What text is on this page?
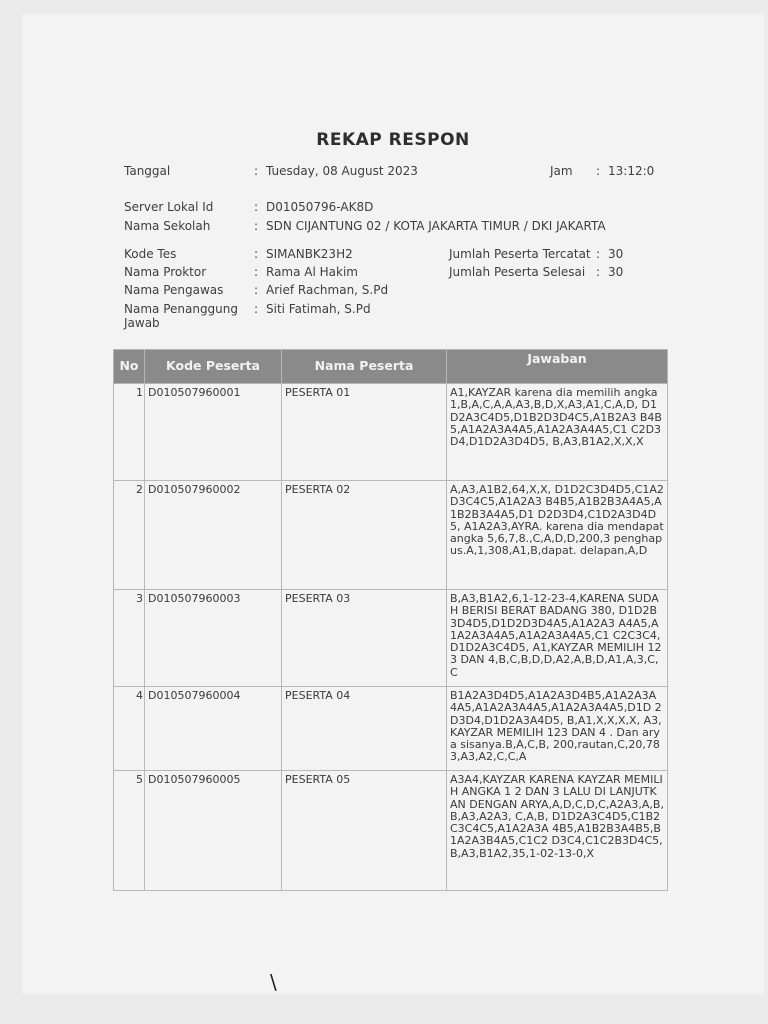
REKAP RESPON
Tanggal	: Tuesday, 08 August 2023	Jam : 13:12:0
Server Lokal Id	: D01050796-AK8D
Nama Sekolah	: SDN CIJANTUNG 02 / KOTA JAKARTA TIMUR / DKI JAKARTA
Kode Tes	: SIMANBK23H2	Jumlah Peserta Tercatat : 30
Nama Proktor	: Rama Al Hakim	Jumlah Peserta Selesai : 30
Nama Pengawas	: Arief Rachman, S.Pd
Nama Penanggung
Jawab
: Siti Fatimah, S.Pd
No	Kode Peserta	Nama Peserta	Jawaban
1	D010507960001	PESERTA 01	A1,KAYZAR karena dia memilih angka 1,B,A,C,A,A,A3,B,D,X,A3,A1,C,A,D, D1D2A3C4D5,D1B2D3D4C5,A1B2A3 B4B5,A1A2A3A4A5,A1A2A3A4A5,C1 C2D3D4,D1D2A3D4D5, B,A3,B1A2,X,X,X
2	D010507960002	PESERTA 02	A,A3,A1B2,64,X,X, D1D2C3D4D5,C1A2D3C4C5,A1A2A3 B4B5,A1B2B3A4A5,A1B2B3A4A5,D1 D2D3D4,C1D2A3D4D5, A1A2A3,AYRA. karena dia mendapat angka 5,6,7,8.,C,A,D,D,200,3 penghapus.A,1,308,A1,B,dapat. delapan,A,D
3	D010507960003	PESERTA 03	B,A3,B1A2,6,1-12-23-4,KARENA SUDAH BERISI BERAT BADANG 380, D1D2B3D4D5,D1D2D3D4A5,A1A2A3 A4A5,A1A2A3A4A5,A1A2A3A4A5,C1 C2C3C4,D1D2A3C4D5, A1,KAYZAR MEMILIH 123 DAN 4,B,C,B,D,D,A2,A,B,D,A1,A,3,C,C
4	D010507960004	PESERTA 04	B1A2A3D4D5,A1A2A3D4B5,A1A2A3A 4A5,A1A2A3A4A5,A1A2A3A4A5,D1D 2D3D4,D1D2A3A4D5, B,A1,X,X,X,X, A3,KAYZAR MEMILIH 123 DAN 4 . Dan arya sisanya.B,A,C,B, 200,rautan,C,20,783,A3,A2,C,C,A
5	D010507960005	PESERTA 05	A3A4,KAYZAR KARENA KAYZAR MEMILIH ANGKA 1 2 DAN 3 LALU DI LANJUTKAN DENGAN ARYA,A,D,C,D,C,A2A3,A,B,B,A3,A2A3, C,A,B, D1D2A3C4D5,C1B2C3C4C5,A1A2A3A 4B5,A1B2B3A4B5,B1A2A3B4A5,C1C2 D3C4,C1C2B3D4C5, B,A3,B1A2,35,1-02-13-0,X
\
